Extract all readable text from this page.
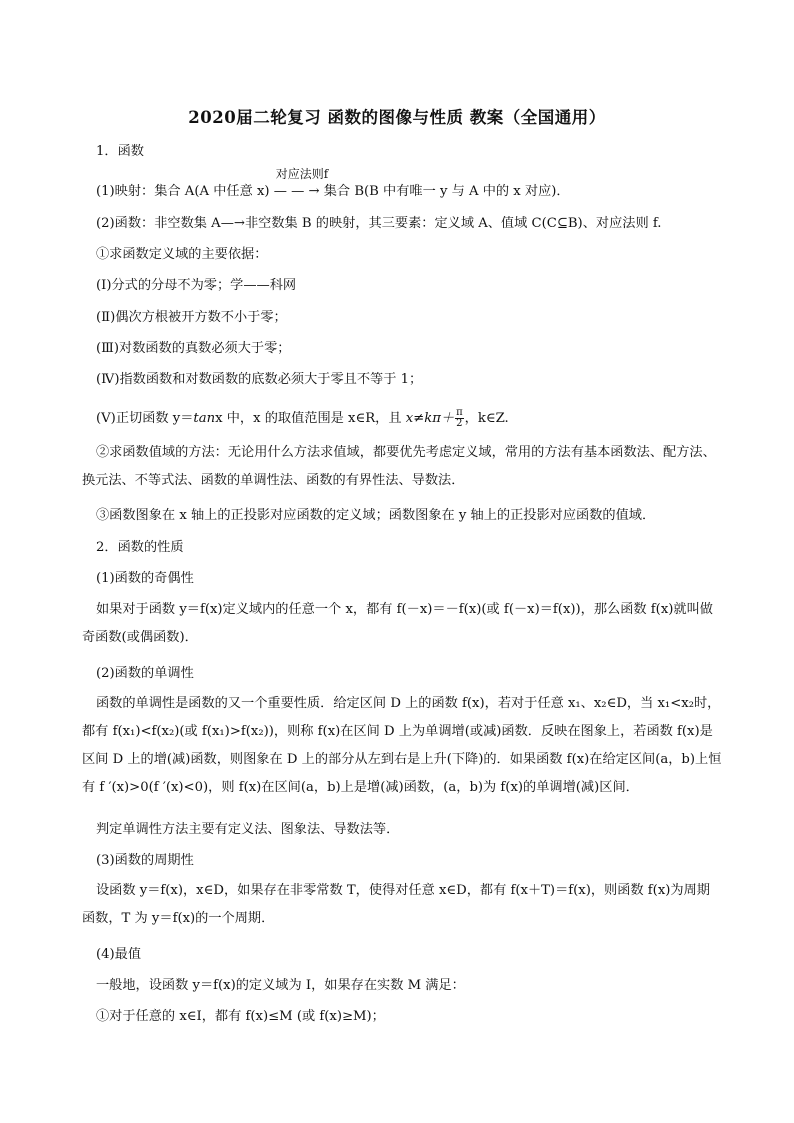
2020届二轮复习 函数的图像与性质 教案（全国通用）
1．函数
(1)映射：集合 A(A 中任意 x)
对应法则f
— — → 集合 B(B 中有唯一 y 与 A 中的 x 对应)．
(2)函数：非空数集 A—→非空数集 B 的映射，其三要素：定义域 A、值域 C(C⊆B)、对应法则 f.
①求函数定义域的主要依据：
(Ⅰ)分式的分母不为零；学——科网
(Ⅱ)偶次方根被开方数不小于零；
(Ⅲ)对数函数的真数必须大于零；
(Ⅳ)指数函数和对数函数的底数必须大于零且不等于 1；
(Ⅴ)正切函数 y＝tanx 中，x 的取值范围是 x∈R，且 $x\ne k\pi+ \frac{\pi}{2}$ ，k∈Z.
②求函数值域的方法：无论用什么方法求值域，都要优先考虑定义域，常用的方法有基本函数法、配方法、换元法、不等式法、函数的单调性法、函数的有界性法、导数法．
③函数图象在 x 轴上的正投影对应函数的定义域；函数图象在 y 轴上的正投影对应函数的值域．
2．函数的性质
(1)函数的奇偶性
如果对于函数 y＝f(x)定义域内的任意一个 x，都有 f(－x)＝－f(x)(或 f(－x)＝f(x))，那么函数 f(x)就叫做奇函数(或偶函数)．
(2)函数的单调性
函数的单调性是函数的又一个重要性质．给定区间 D 上的函数 f(x)，若对于任意 x₁、x₂∈D，当 x₁<x₂时，都有 f(x₁)<f(x₂)(或 f(x₁)>f(x₂))，则称 f(x)在区间 D 上为单调增(或减)函数．反映在图象上，若函数 f(x)是区间 D 上的增(减)函数，则图象在 D 上的部分从左到右是上升(下降)的．如果函数 f(x)在给定区间(a，b)上恒有 f ′(x)>0(f ′(x)<0)，则 f(x)在区间(a，b)上是增(减)函数，(a，b)为 f(x)的单调增(减)区间．
判定单调性方法主要有定义法、图象法、导数法等．
(3)函数的周期性
设函数 y＝f(x)，x∈D，如果存在非零常数 T，使得对任意 x∈D，都有 f(x＋T)＝f(x)，则函数 f(x)为周期函数，T 为 y＝f(x)的一个周期．
(4)最值
一般地，设函数 y＝f(x)的定义域为 I，如果存在实数 M 满足：
①对于任意的 x∈I，都有 f(x)≤M (或 f(x)≥M)；
